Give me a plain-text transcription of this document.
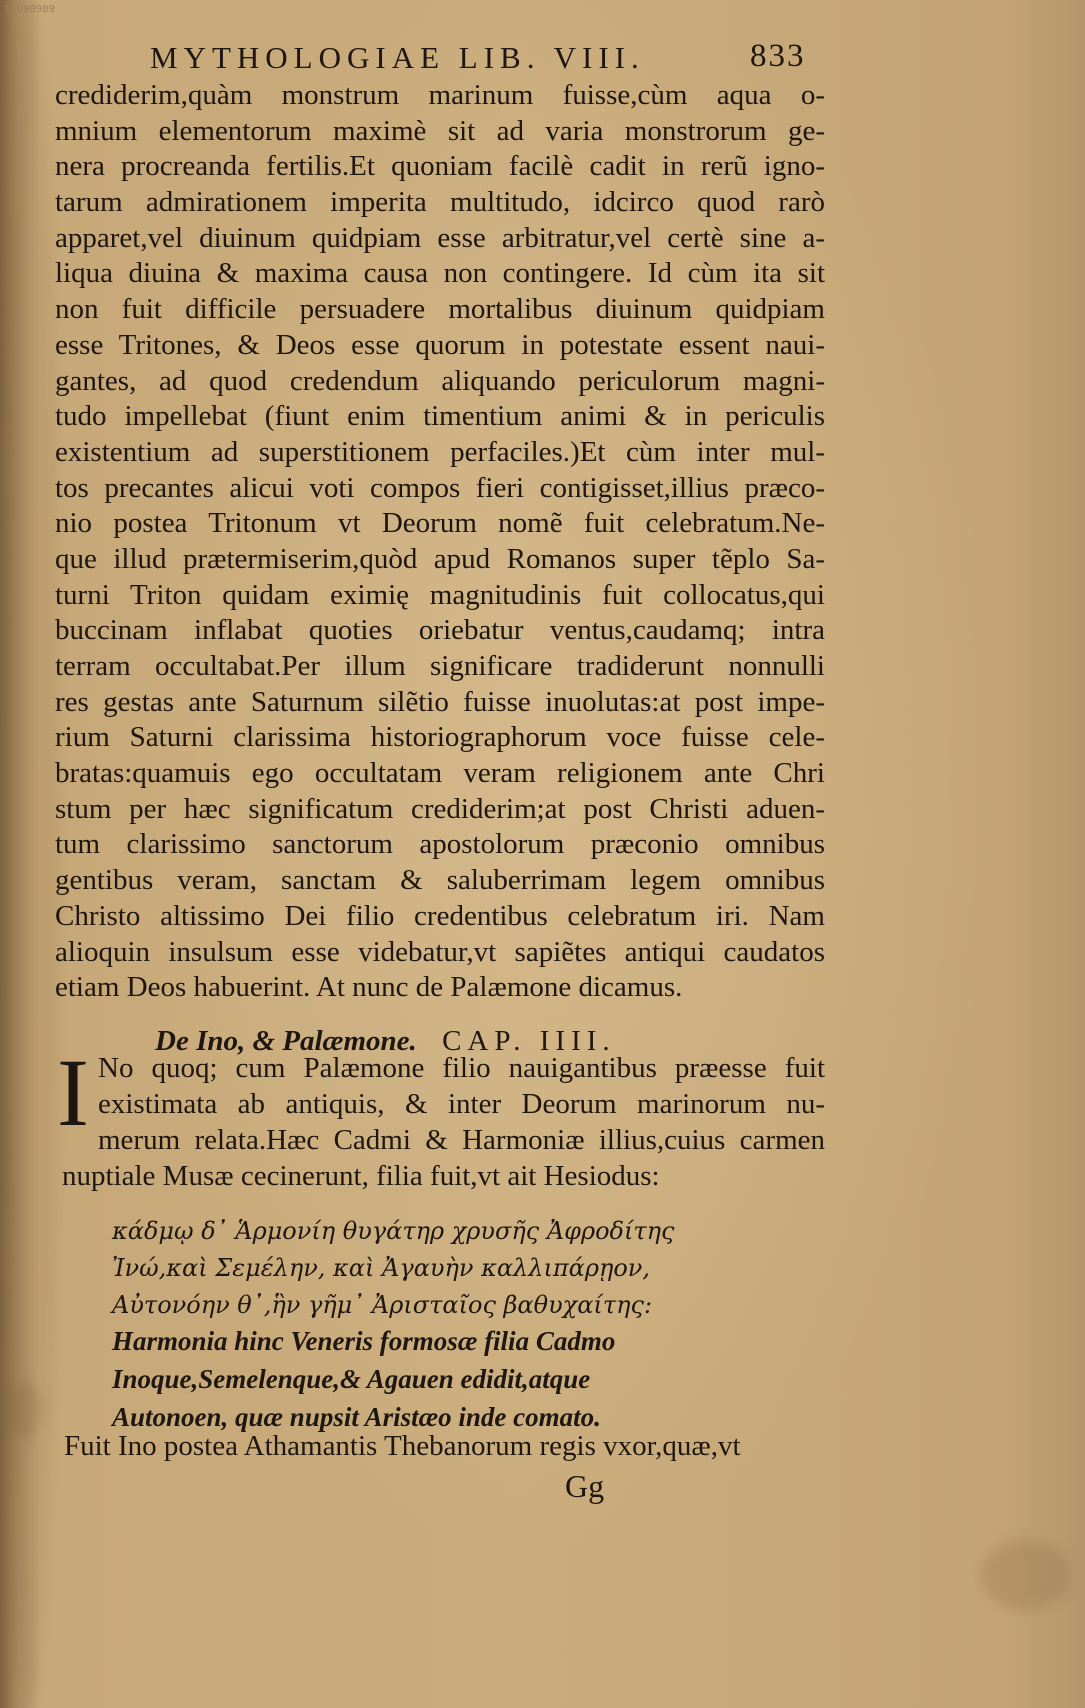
11098989
MYTHOLOGIAE LIB. VIII.	833
crediderim,quàm monstrum marinum fuisse,cùm aqua o-
mnium elementorum maximè sit ad varia monstrorum ge-
nera procreanda fertilis.Et quoniam facilè cadit in rerũ igno-
tarum admirationem imperita multitudo, idcirco quod rarò
apparet,vel diuinum quidpiam esse arbitratur,vel certè sine a-
liqua diuina & maxima causa non contingere. Id cùm ita sit
non fuit difficile persuadere mortalibus diuinum quidpiam
esse Tritones, & Deos esse quorum in potestate essent naui-
gantes, ad quod credendum aliquando periculorum magni-
tudo impellebat (fiunt enim timentium animi & in periculis
existentium ad superstitionem perfaciles.)Et cùm inter mul-
tos precantes alicui voti compos fieri contigisset,illius præco-
nio postea Tritonum vt Deorum nomẽ fuit celebratum.Ne-
que illud prætermiserim,quòd apud Romanos super tẽplo Sa-
turni Triton quidam eximię magnitudinis fuit collocatus,qui
buccinam inflabat quoties oriebatur ventus,caudamq; intra
terram occultabat.Per illum significare tradiderunt nonnulli
res gestas ante Saturnum silẽtio fuisse inuolutas:at post impe-
rium Saturni clarissima historiographorum voce fuisse cele-
bratas:quamuis ego occultatam veram religionem ante Chri
stum per hæc significatum crediderim;at post Christi aduen-
tum clarissimo sanctorum apostolorum præconio omnibus
gentibus veram, sanctam & saluberrimam legem omnibus
Christo altissimo Dei filio credentibus celebratum iri. Nam
alioquin insulsum esse videbatur,vt sapiẽtes antiqui caudatos
etiam Deos habuerint. At nunc de Palæmone dicamus.
De Ino, & Palæmone. CAP. IIII.
I No quoq; cum Palæmone filio nauigantibus præesse fuit
existimata ab antiquis, & inter Deorum marinorum nu-
merum relata.Hæc Cadmi & Harmoniæ illius,cuius carmen
nuptiale Musæ cecinerunt, filia fuit,vt ait Hesiodus:
κάδμῳ δ᾽ Ἁρμονίη θυγάτηρ χρυσῆς Ἀφροδίτης
Ἰνώ,καὶ Σεμέλην, καὶ Ἀγαυὴν καλλιπάρῃον,
Αὐτονόην θ᾽,ἣν γῆμ᾽ Ἀρισταῖος βαθυχαίτης:
Harmonia hinc Veneris formosæ filia Cadmo
Inoque,Semelenque,& Agauen edidit,atque
Autonoen, quæ nupsit Aristæo inde comato.
Fuit Ino postea Athamantis Thebanorum regis vxor,quæ,vt
Gg
